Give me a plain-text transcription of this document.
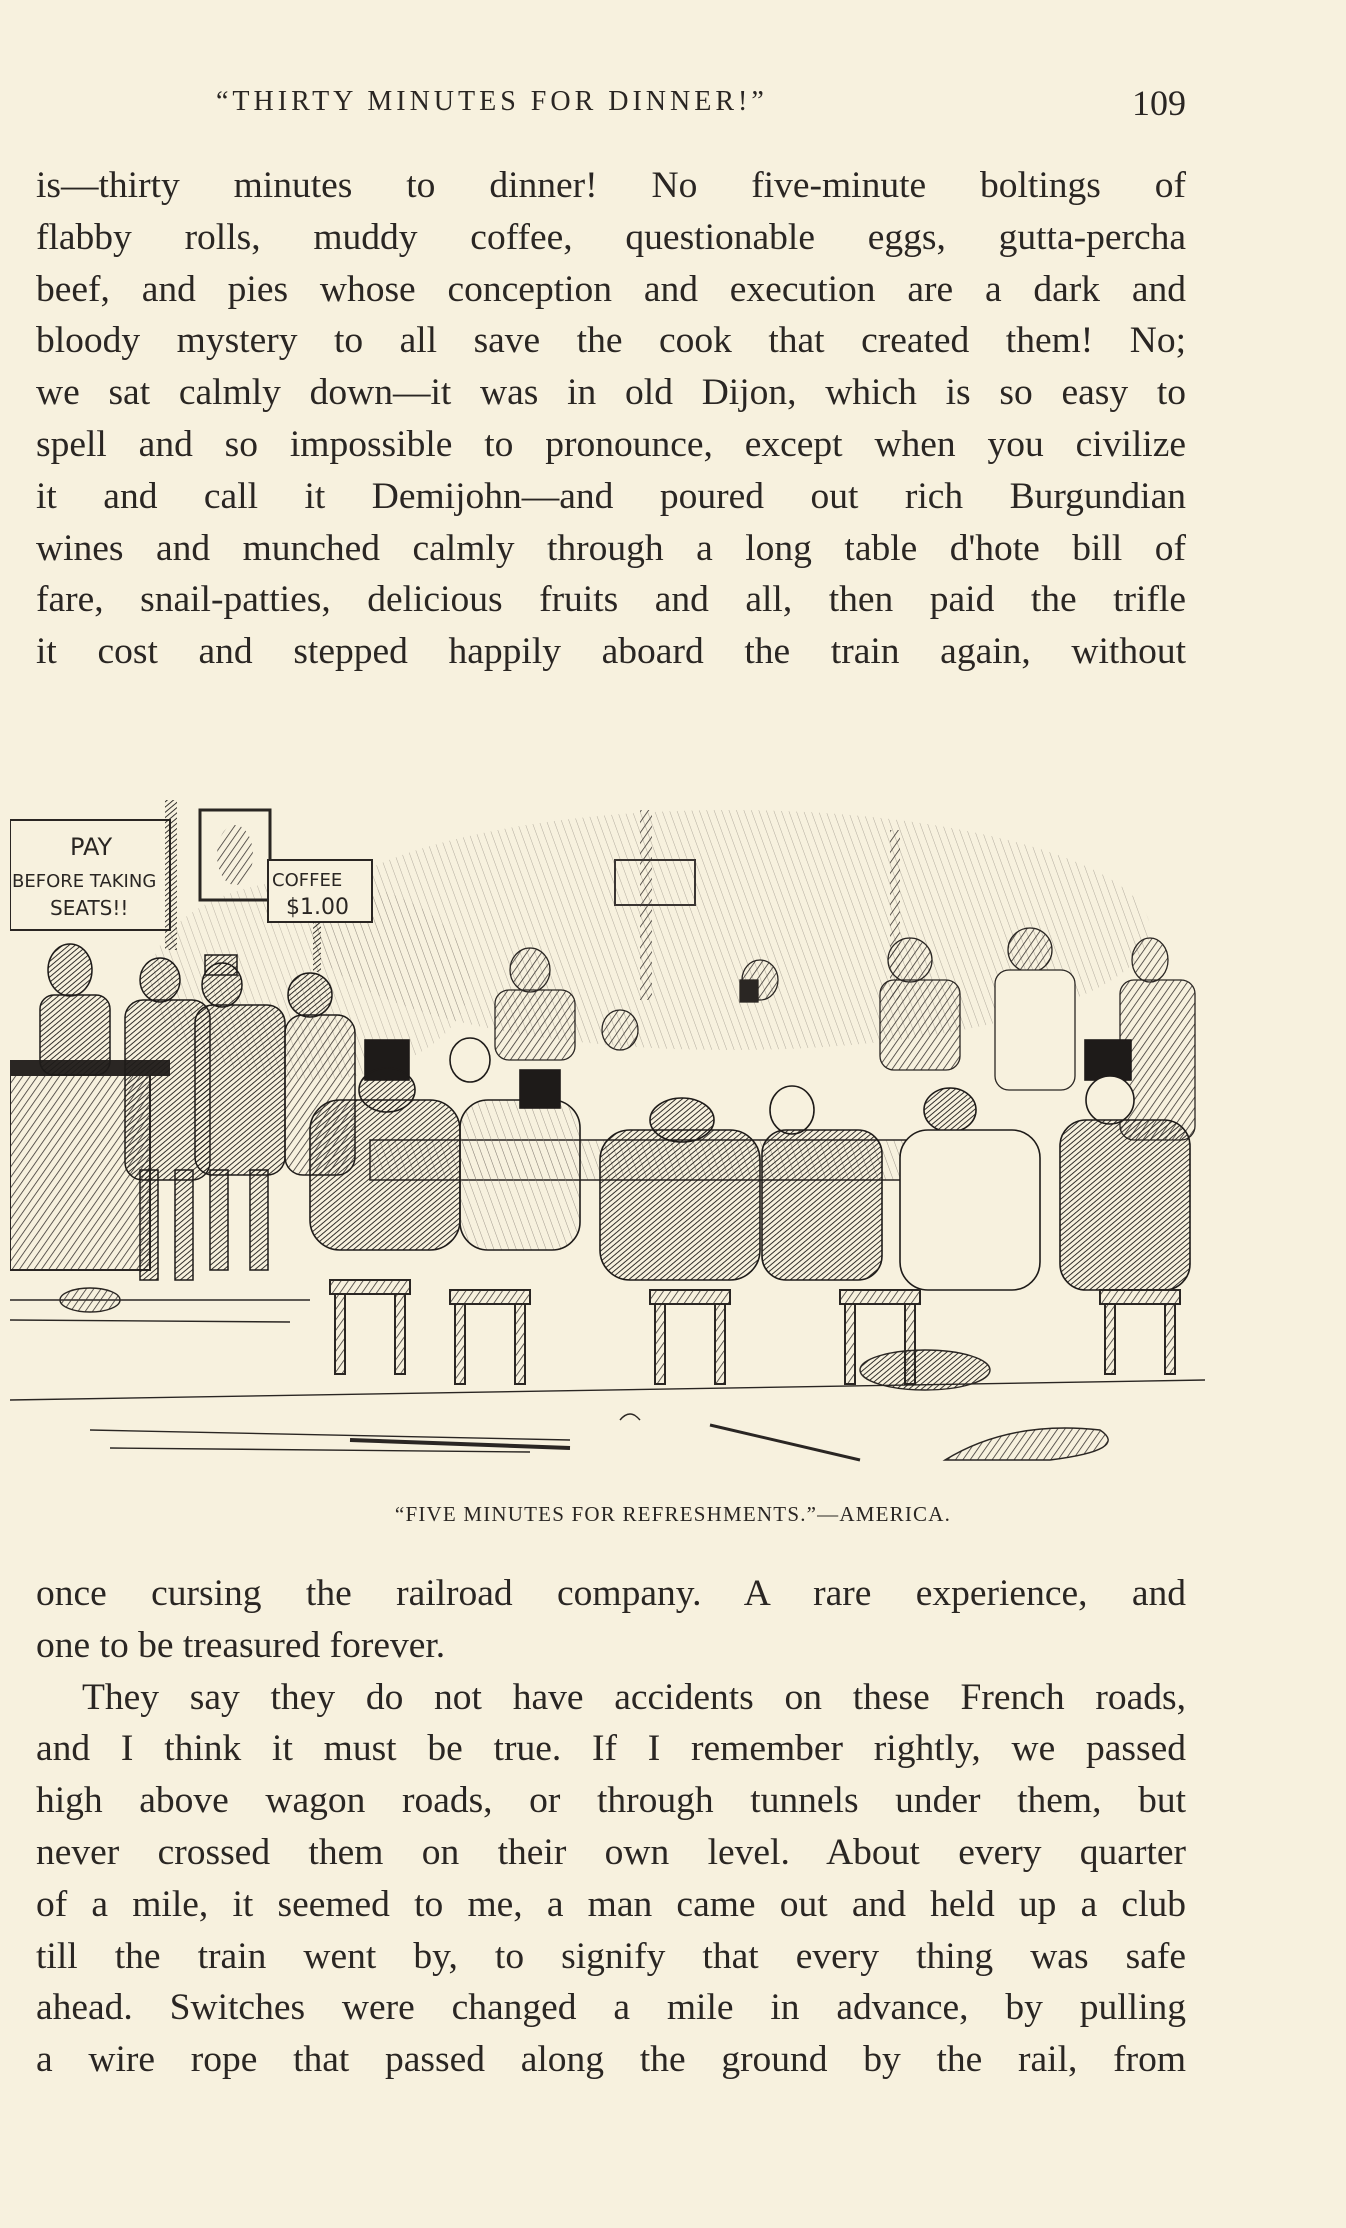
“THIRTY MINUTES FOR DINNER!”	109
is—thirty minutes to dinner! No five-minute boltings of
flabby rolls, muddy coffee, questionable eggs, gutta-percha
beef, and pies whose conception and execution are a dark and
bloody mystery to all save the cook that created them! No;
we sat calmly down—it was in old Dijon, which is so easy to
spell and so impossible to pronounce, except when you civilize
it and call it Demijohn—and poured out rich Burgundian
wines and munched calmly through a long table d'hote bill of
fare, snail-patties, delicious fruits and all, then paid the trifle
it cost and stepped happily aboard the train again, without
PAY
BEFORE TAKING
SEATS!!
COFFEE
$1.00
“FIVE MINUTES FOR REFRESHMENTS.”—AMERICA.
once cursing the railroad company. A rare experience, and
one to be treasured forever.
They say they do not have accidents on these French roads,
and I think it must be true. If I remember rightly, we passed
high above wagon roads, or through tunnels under them, but
never crossed them on their own level. About every quarter
of a mile, it seemed to me, a man came out and held up a club
till the train went by, to signify that every thing was safe
ahead. Switches were changed a mile in advance, by pulling
a wire rope that passed along the ground by the rail, from
